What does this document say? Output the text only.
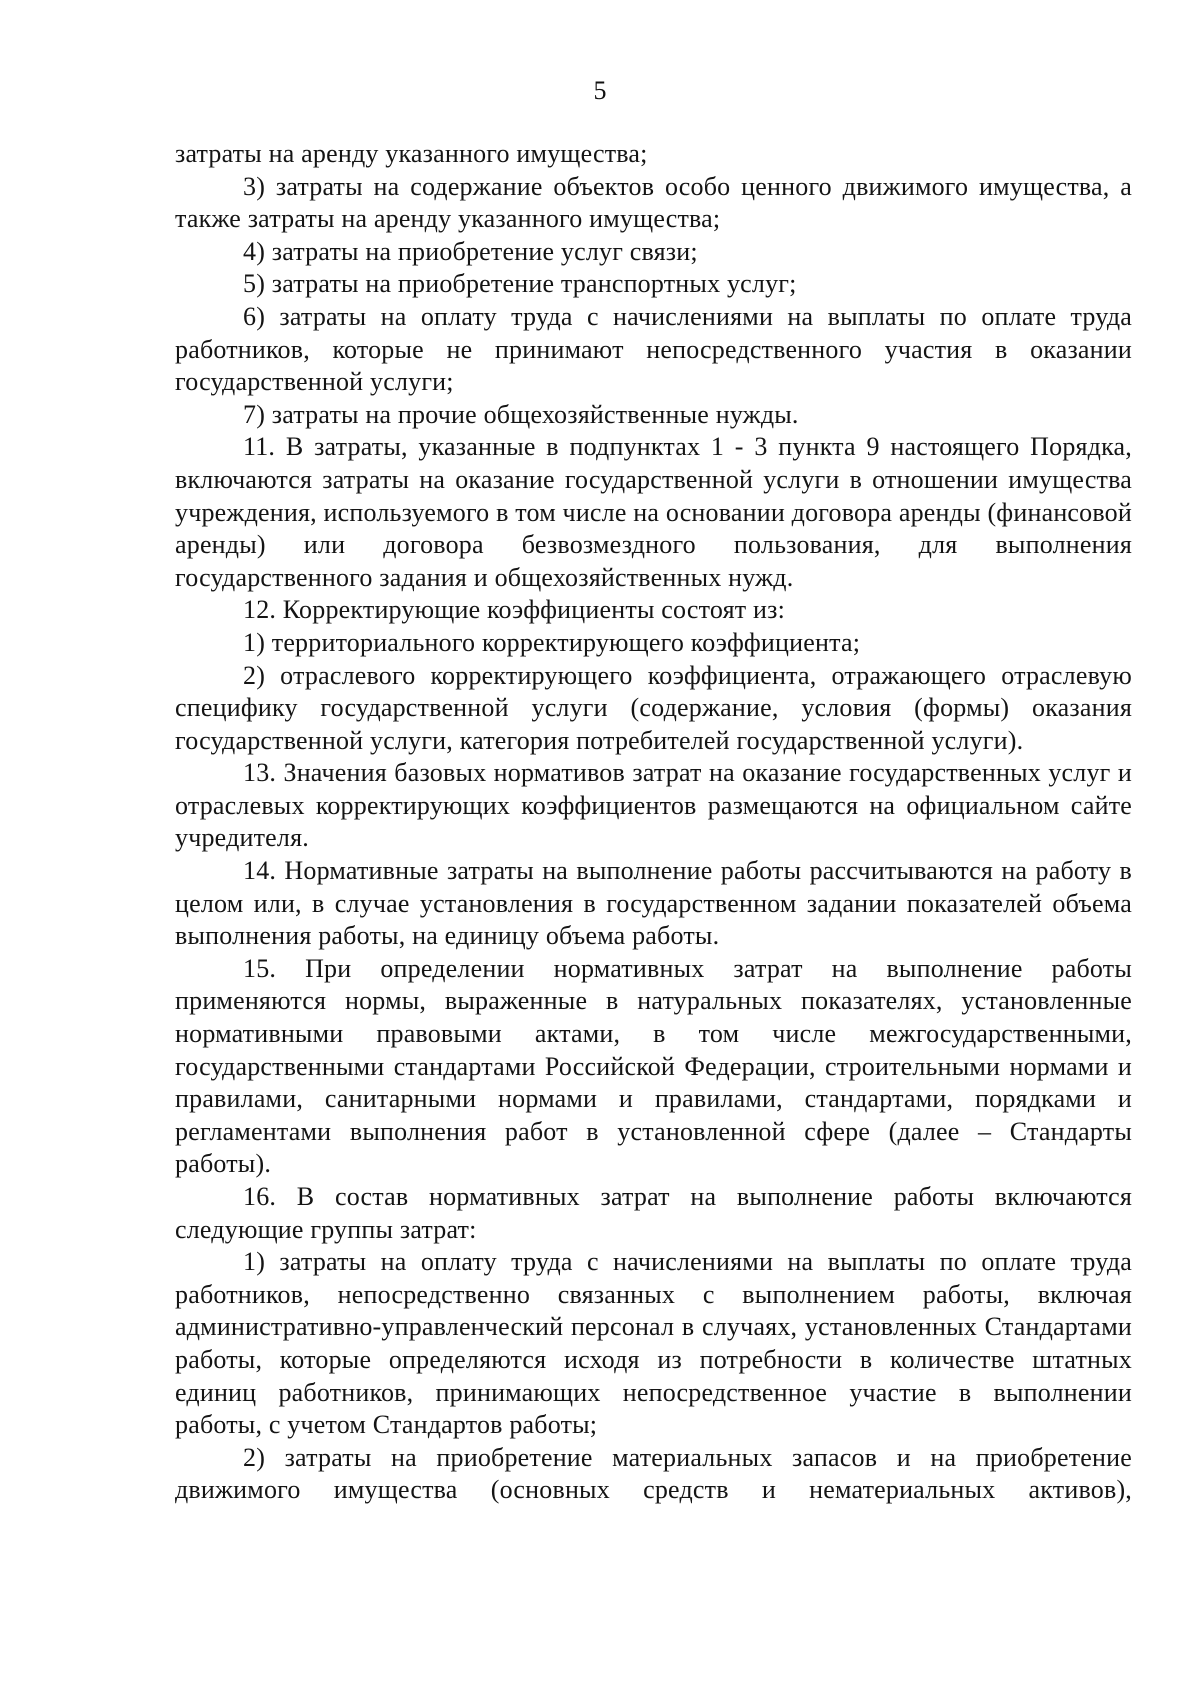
5

затраты на аренду указанного имущества;

3) затраты на содержание объектов особо ценного движимого имущества, а также затраты на аренду указанного имущества;

4) затраты на приобретение услуг связи;

5) затраты на приобретение транспортных услуг;

6) затраты на оплату труда с начислениями на выплаты по оплате труда работников, которые не принимают непосредственного участия в оказании государственной услуги;

7) затраты на прочие общехозяйственные нужды.

11. В затраты, указанные в подпунктах 1 - 3 пункта 9 настоящего Порядка, включаются затраты на оказание государственной услуги в отношении имущества учреждения, используемого в том числе на основании договора аренды (финансовой аренды) или договора безвозмездного пользования, для выполнения государственного задания и общехозяйственных нужд.

12. Корректирующие коэффициенты состоят из:

1) территориального корректирующего коэффициента;

2) отраслевого корректирующего коэффициента, отражающего отраслевую специфику государственной услуги (содержание, условия (формы) оказания государственной услуги, категория потребителей государственной услуги).

13. Значения базовых нормативов затрат на оказание государственных услуг и отраслевых корректирующих коэффициентов размещаются на официальном сайте учредителя.

14. Нормативные затраты на выполнение работы рассчитываются на работу в целом или, в случае установления в государственном задании показателей объема выполнения работы, на единицу объема работы.

15. При определении нормативных затрат на выполнение работы применяются нормы, выраженные в натуральных показателях, установленные нормативными правовыми актами, в том числе межгосударственными, государственными стандартами Российской Федерации, строительными нормами и правилами, санитарными нормами и правилами, стандартами, порядками и регламентами выполнения работ в установленной сфере (далее – Стандарты работы).

16. В состав нормативных затрат на выполнение работы включаются следующие группы затрат:

1) затраты на оплату труда с начислениями на выплаты по оплате труда работников, непосредственно связанных с выполнением работы, включая административно-управленческий персонал в случаях, установленных Стандартами работы, которые определяются исходя из потребности в количестве штатных единиц работников, принимающих непосредственное участие в выполнении работы, с учетом Стандартов работы;

2) затраты на приобретение материальных запасов и на приобретение движимого имущества (основных средств и нематериальных активов),
